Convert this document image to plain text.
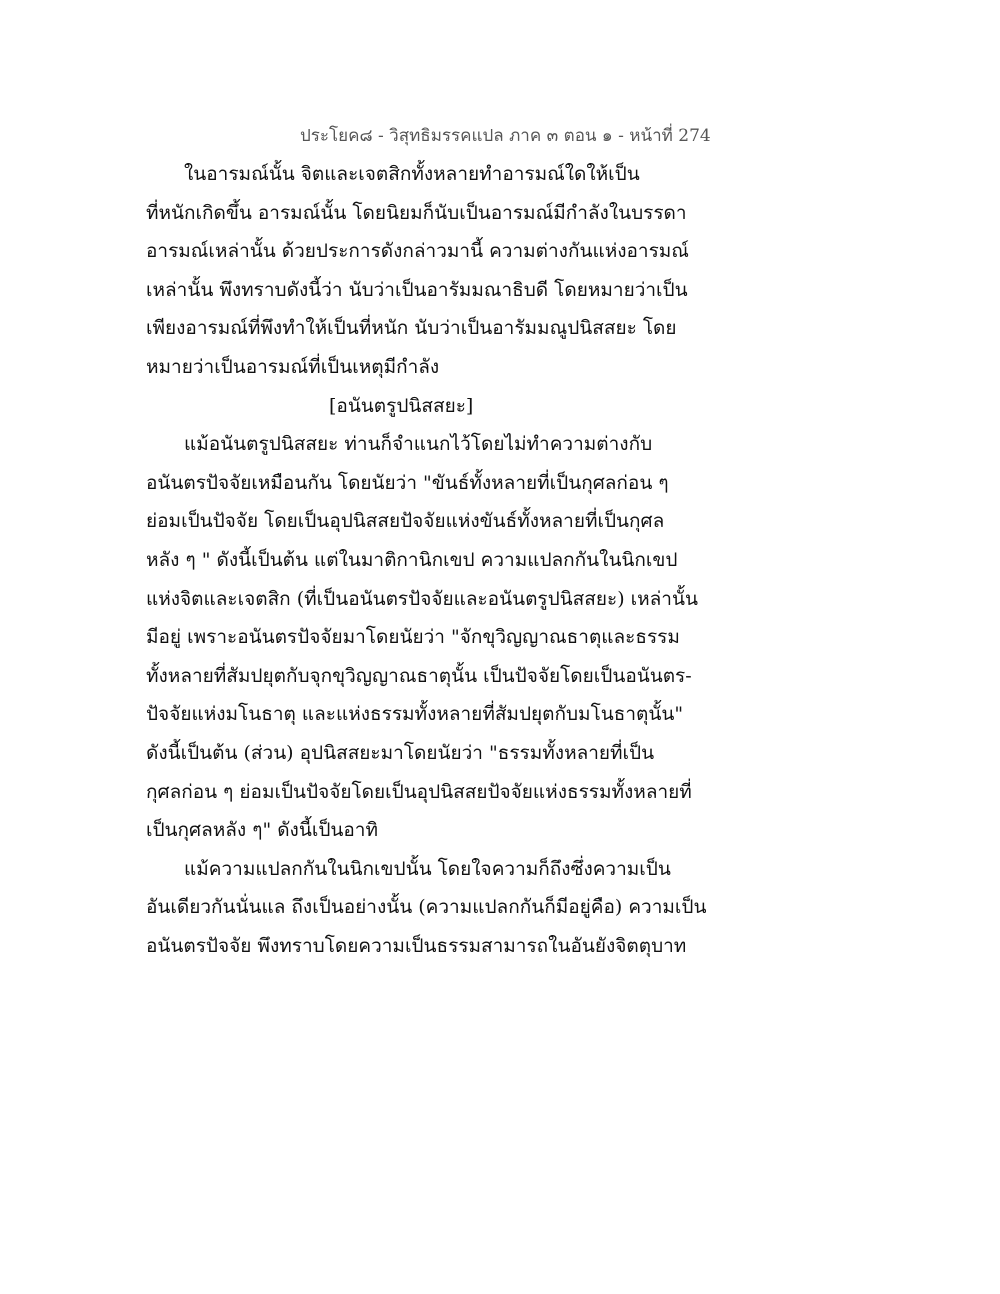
ประโยค๘ - วิสุทธิมรรคแปล ภาค ๓ ตอน ๑ - หน้าที่ 274
ในอารมณ์นั้น จิตและเจตสิกทั้งหลายทำอารมณ์ใดให้เป็น
ที่หนักเกิดขึ้น อารมณ์นั้น โดยนิยมก็นับเป็นอารมณ์มีกำลังในบรรดา
อารมณ์เหล่านั้น ด้วยประการดังกล่าวมานี้ ความต่างกันแห่งอารมณ์
เหล่านั้น พึงทราบดังนี้ว่า นับว่าเป็นอารัมมณาธิบดี โดยหมายว่าเป็น
เพียงอารมณ์ที่พึงทำให้เป็นที่หนัก นับว่าเป็นอารัมมณูปนิสสยะ โดย
หมายว่าเป็นอารมณ์ที่เป็นเหตุมีกำลัง
[อนันตรูปนิสสยะ]
แม้อนันตรูปนิสสยะ ท่านก็จำแนกไว้โดยไม่ทำความต่างกับ
อนันตรปัจจัยเหมือนกัน โดยนัยว่า "ขันธ์ทั้งหลายที่เป็นกุศลก่อน ๆ
ย่อมเป็นปัจจัย โดยเป็นอุปนิสสยปัจจัยแห่งขันธ์ทั้งหลายที่เป็นกุศล
หลัง ๆ " ดังนี้เป็นต้น แต่ในมาติกานิกเขป ความแปลกกันในนิกเขป
แห่งจิตและเจตสิก (ที่เป็นอนันตรปัจจัยและอนันตรูปนิสสยะ) เหล่านั้น
มีอยู่ เพราะอนันตรปัจจัยมาโดยนัยว่า "จักขุวิญญาณธาตุและธรรม
ทั้งหลายที่สัมปยุตกับจุกขุวิญญาณธาตุนั้น เป็นปัจจัยโดยเป็นอนันตร-
ปัจจัยแห่งมโนธาตุ และแห่งธรรมทั้งหลายที่สัมปยุตกับมโนธาตุนั้น"
ดังนี้เป็นต้น (ส่วน) อุปนิสสยะมาโดยนัยว่า "ธรรมทั้งหลายที่เป็น
กุศลก่อน ๆ ย่อมเป็นปัจจัยโดยเป็นอุปนิสสยปัจจัยแห่งธรรมทั้งหลายที่
เป็นกุศลหลัง ๆ" ดังนี้เป็นอาทิ
แม้ความแปลกกันในนิกเขปนั้น โดยใจความก็ถึงซึ่งความเป็น
อันเดียวกันนั่นแล ถึงเป็นอย่างนั้น (ความแปลกกันก็มีอยู่คือ) ความเป็น
อนันตรปัจจัย พึงทราบโดยความเป็นธรรมสามารถในอันยังจิตตุบาท
